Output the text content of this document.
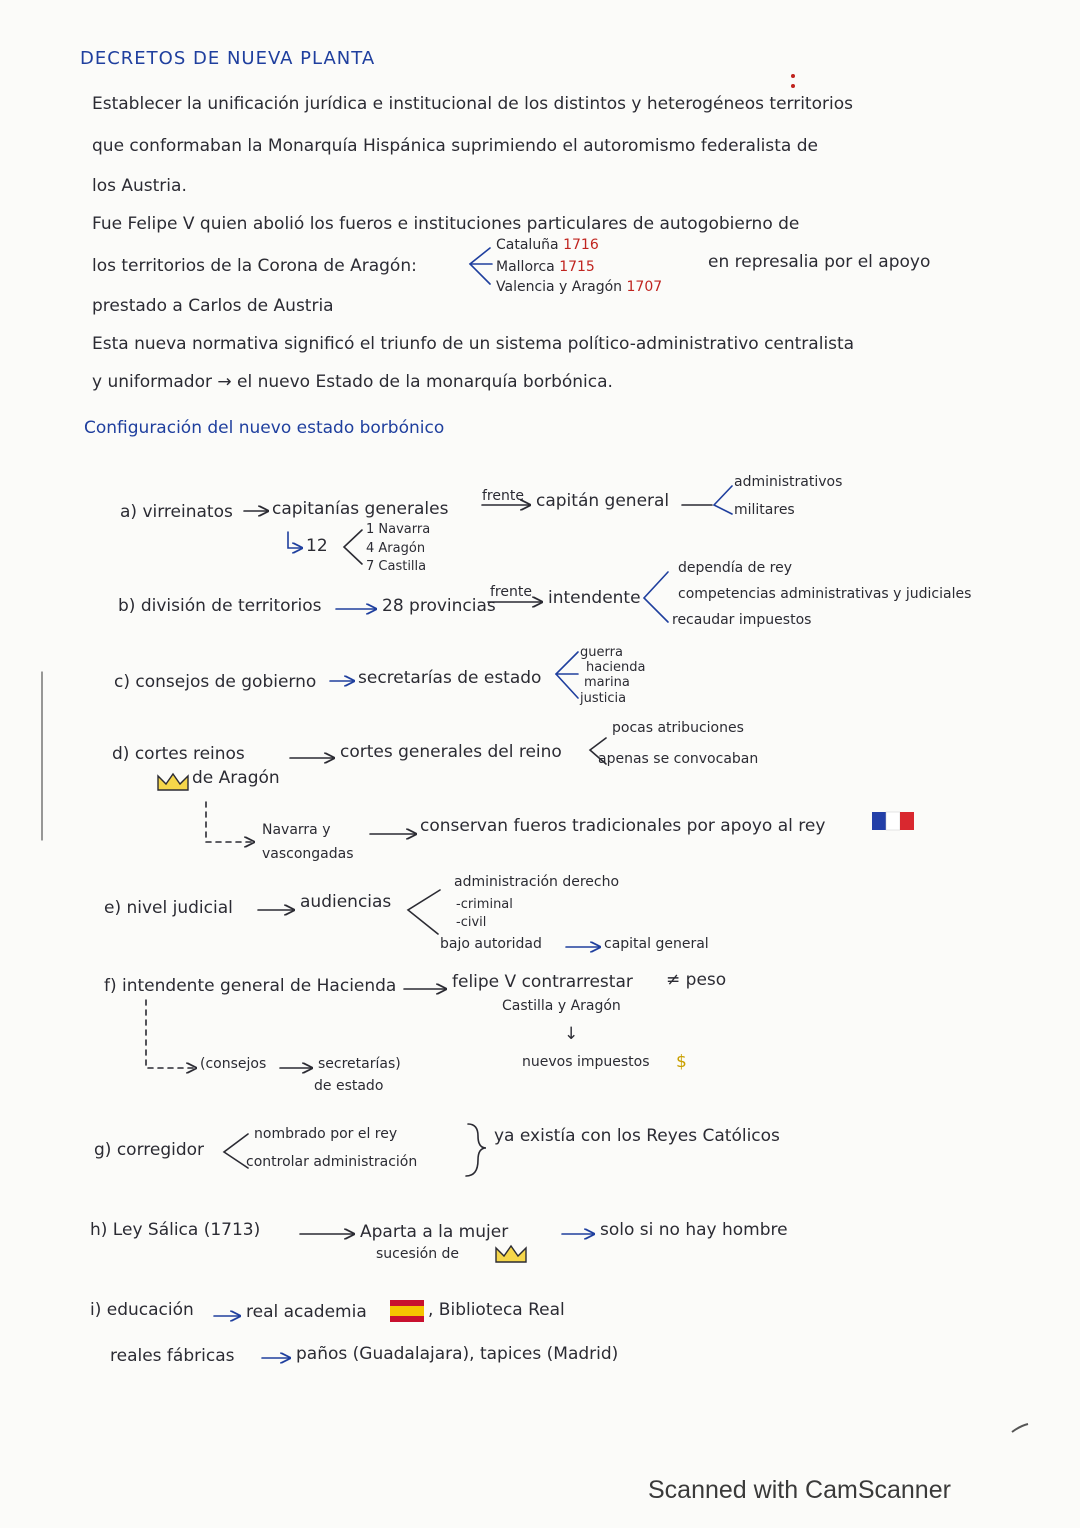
DECRETOS DE NUEVA PLANTA
Establecer la unificación jurídica e institucional de los distintos y heterogéneos territorios
que conformaban la Monarquía Hispánica suprimiendo el autoromismo federalista de
los Austria.
Fue Felipe V quien abolió los fueros e instituciones particulares de autogobierno de
los territorios de la Corona de Aragón:
Cataluña 1716
Mallorca 1715
Valencia y Aragón 1707
en represalia por el apoyo
prestado a Carlos de Austria
Esta nueva normativa significó el triunfo de un sistema político-administrativo centralista
y uniformador → el nuevo Estado de la monarquía borbónica.
Configuración del nuevo estado borbónico
a) virreinatos capitanías generales
frente capitán general
administrativos
militares
12
1 Navarra
4 Aragón
7 Castilla
b) división de territorios	28 provincias
frente intendente
dependía de rey
competencias administrativas y judiciales
recaudar impuestos
c) consejos de gobierno secretarías de estado
guerra
hacienda
marina
justicia
d) cortes reinos
de Aragón
cortes generales del reino
pocas atribuciones
apenas se convocaban
Navarra y
vascongadas
conservan fueros tradicionales por apoyo al rey
e) nivel judicial	audiencias
administración derecho
-criminal
-civil
bajo autoridad	capital general
f) intendente general de Hacienda	felipe V contrarrestar ≠ peso
Castilla y Aragón
↓
nuevos impuestos $
(consejos	secretarías)
de estado
g) corregidor
nombrado por el rey
controlar administración
ya existía con los Reyes Católicos
h) Ley Sálica (1713)	Aparta a la mujer	solo si no hay hombre
sucesión de
i) educación	real academia	, Biblioteca Real
reales fábricas	paños (Guadalajara), tapices (Madrid)
Scanned with CamScanner
